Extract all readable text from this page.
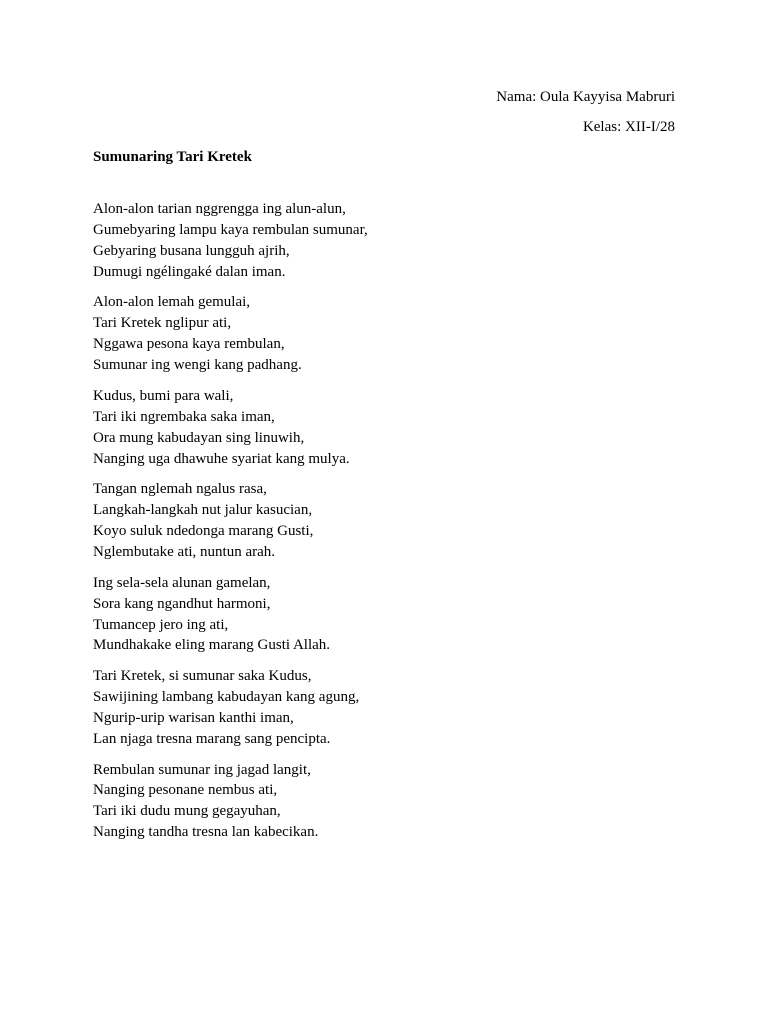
Nama: Oula Kayyisa Mabruri
Kelas: XII-I/28
Sumunaring Tari Kretek
Alon-alon tarian nggrengga ing alun-alun,
Gumebyaring lampu kaya rembulan sumunar,
Gebyaring busana lungguh ajrih,
Dumugi ngélingaké dalan iman.
Alon-alon lemah gemulai,
Tari Kretek nglipur ati,
Nggawa pesona kaya rembulan,
Sumunar ing wengi kang padhang.
Kudus, bumi para wali,
Tari iki ngrembaka saka iman,
Ora mung kabudayan sing linuwih,
Nanging uga dhawuhe syariat kang mulya.
Tangan nglemah ngalus rasa,
Langkah-langkah nut jalur kasucian,
Koyo suluk ndedonga marang Gusti,
Nglembutake ati, nuntun arah.
Ing sela-sela alunan gamelan,
Sora kang ngandhut harmoni,
Tumancep jero ing ati,
Mundhakake eling marang Gusti Allah.
Tari Kretek, si sumunar saka Kudus,
Sawijining lambang kabudayan kang agung,
Ngurip-urip warisan kanthi iman,
Lan njaga tresna marang sang pencipta.
Rembulan sumunar ing jagad langit,
Nanging pesonane nembus ati,
Tari iki dudu mung gegayuhan,
Nanging tandha tresna lan kabecikan.
